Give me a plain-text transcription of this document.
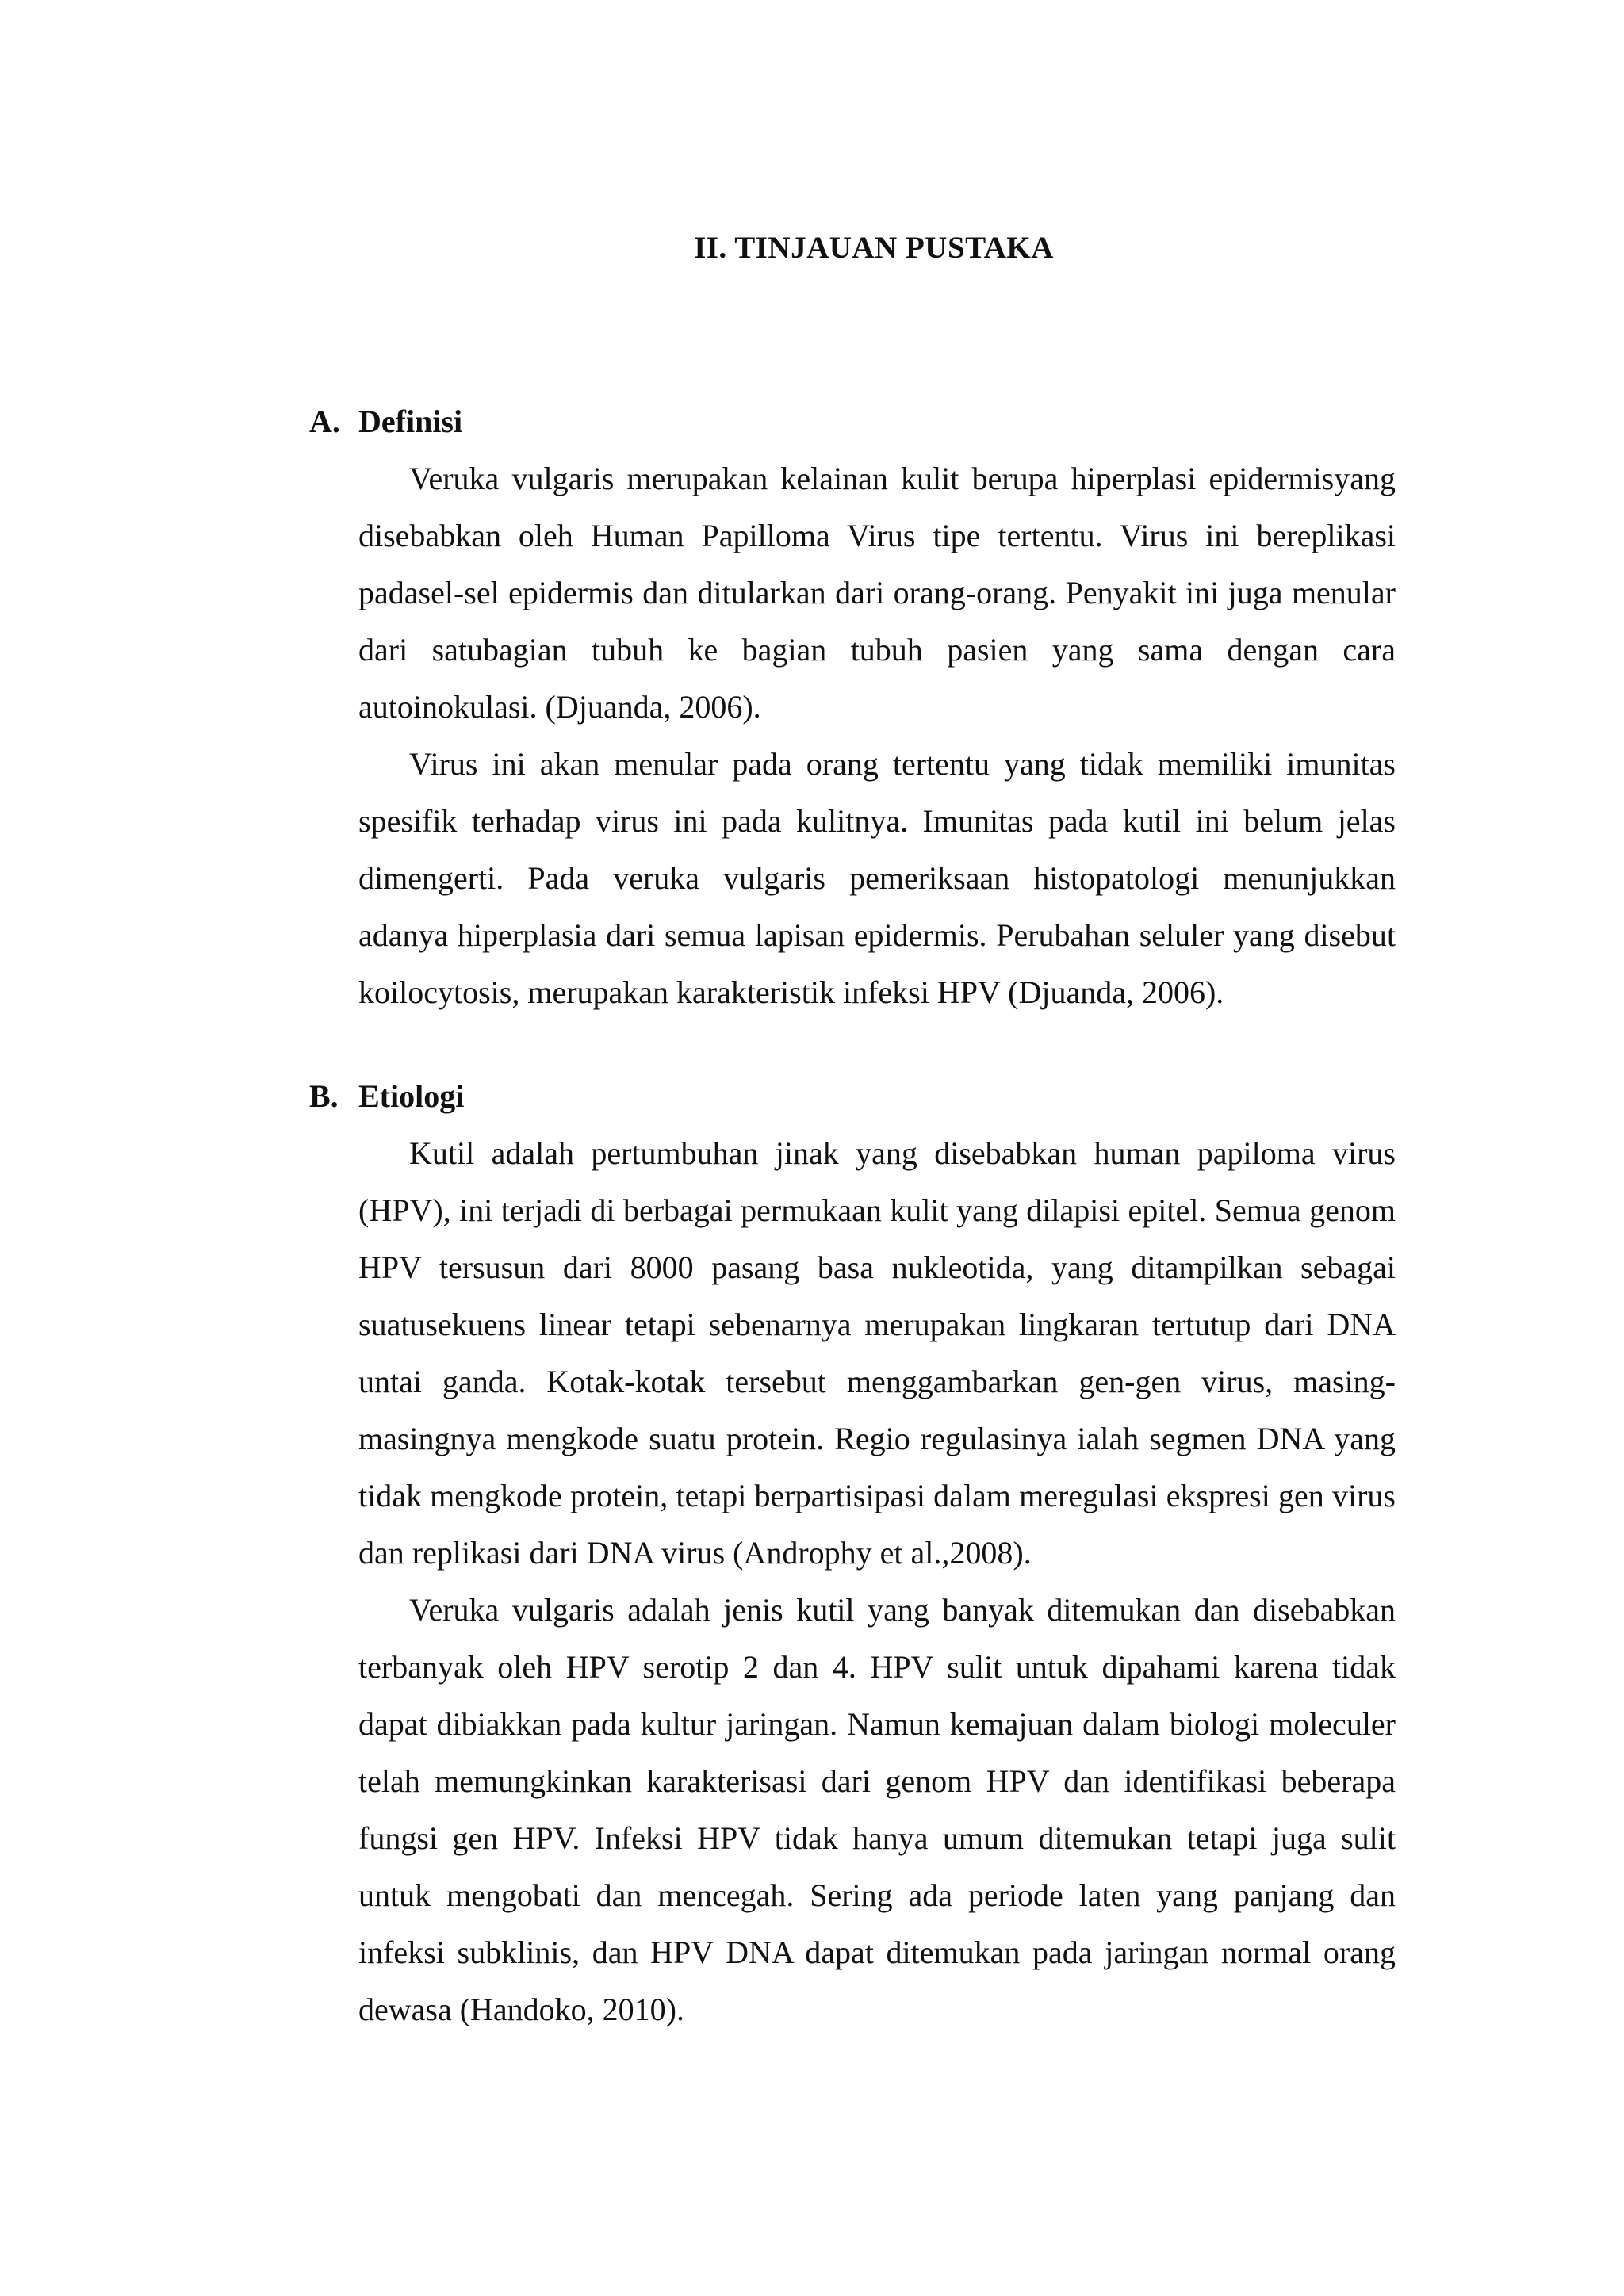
II. TINJAUAN PUSTAKA
A. Definisi

Veruka vulgaris merupakan kelainan kulit berupa hiperplasi epidermisyang disebabkan oleh Human Papilloma Virus tipe tertentu. Virus ini bereplikasi padasel-sel epidermis dan ditularkan dari orang-orang. Penyakit ini juga menular dari satubagian tubuh ke bagian tubuh pasien yang sama dengan cara autoinokulasi. (Djuanda, 2006).

Virus ini akan menular pada orang tertentu yang tidak memiliki imunitas spesifik terhadap virus ini pada kulitnya. Imunitas pada kutil ini belum jelas dimengerti. Pada veruka vulgaris pemeriksaan histopatologi menunjukkan adanya hiperplasia dari semua lapisan epidermis. Perubahan seluler yang disebut koilocytosis, merupakan karakteristik infeksi HPV (Djuanda, 2006).

B. Etiologi

Kutil adalah pertumbuhan jinak yang disebabkan human papiloma virus (HPV), ini terjadi di berbagai permukaan kulit yang dilapisi epitel. Semua genom HPV tersusun dari 8000 pasang basa nukleotida, yang ditampilkan sebagai suatusekuens linear tetapi sebenarnya merupakan lingkaran tertutup dari DNA untai ganda. Kotak-kotak tersebut menggambarkan gen-gen virus, masing-masingnya mengkode suatu protein. Regio regulasinya ialah segmen DNA yang tidak mengkode protein, tetapi berpartisipasi dalam meregulasi ekspresi gen virus dan replikasi dari DNA virus (Androphy et al.,2008).

Veruka vulgaris adalah jenis kutil yang banyak ditemukan dan disebabkan terbanyak oleh HPV serotip 2 dan 4. HPV sulit untuk dipahami karena tidak dapat dibiakkan pada kultur jaringan. Namun kemajuan dalam biologi moleculer telah memungkinkan karakterisasi dari genom HPV dan identifikasi beberapa fungsi gen HPV. Infeksi HPV tidak hanya umum ditemukan tetapi juga sulit untuk mengobati dan mencegah. Sering ada periode laten yang panjang dan infeksi subklinis, dan HPV DNA dapat ditemukan pada jaringan normal orang dewasa (Handoko, 2010).
